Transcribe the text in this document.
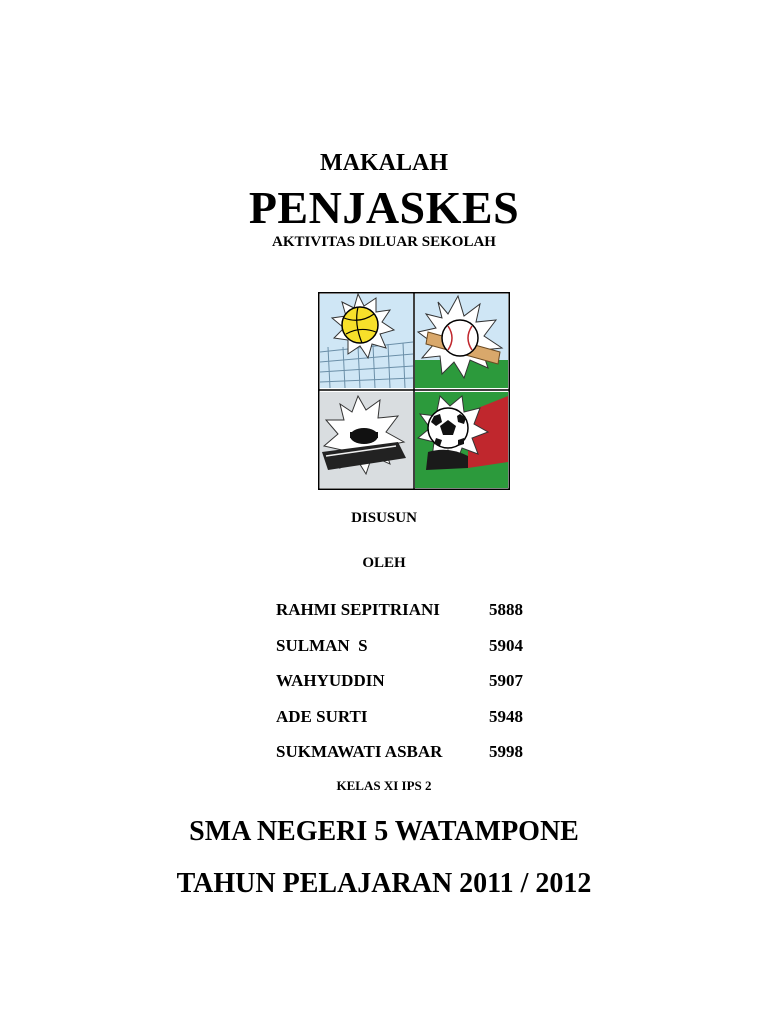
MAKALAH
PENJASKES
AKTIVITAS DILUAR SEKOLAH
DISUSUN
OLEH
RAHMI SEPITRIANI	5888
SULMAN  S	5904
WAHYUDDIN	5907
ADE SURTI	5948
SUKMAWATI ASBAR	5998
KELAS XI IPS 2
SMA NEGERI 5 WATAMPONE
TAHUN PELAJARAN 2011 / 2012
